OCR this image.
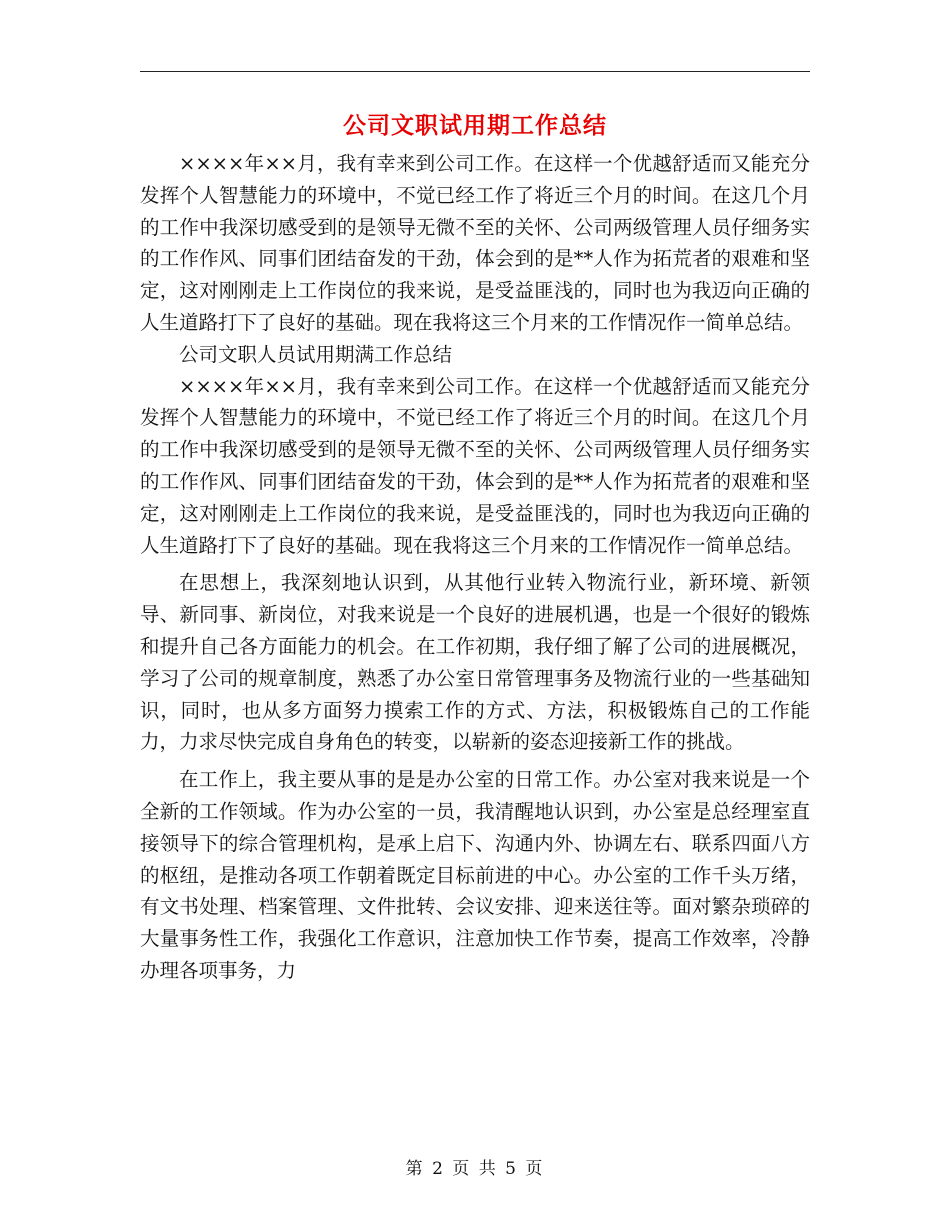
公司文职试用期工作总结

××××年××月，我有幸来到公司工作。在这样一个优越舒适而又能充分发挥个人智慧能力的环境中，不觉已经工作了将近三个月的时间。在这几个月的工作中我深切感受到的是领导无微不至的关怀、公司两级管理人员仔细务实的工作作风、同事们团结奋发的干劲，体会到的是**人作为拓荒者的艰难和坚定，这对刚刚走上工作岗位的我来说，是受益匪浅的，同时也为我迈向正确的人生道路打下了良好的基础。现在我将这三个月来的工作情况作一简单总结。

公司文职人员试用期满工作总结

××××年××月，我有幸来到公司工作。在这样一个优越舒适而又能充分发挥个人智慧能力的环境中，不觉已经工作了将近三个月的时间。在这几个月的工作中我深切感受到的是领导无微不至的关怀、公司两级管理人员仔细务实的工作作风、同事们团结奋发的干劲，体会到的是**人作为拓荒者的艰难和坚定，这对刚刚走上工作岗位的我来说，是受益匪浅的，同时也为我迈向正确的人生道路打下了良好的基础。现在我将这三个月来的工作情况作一简单总结。

在思想上，我深刻地认识到，从其他行业转入物流行业，新环境、新领导、新同事、新岗位，对我来说是一个良好的进展机遇，也是一个很好的锻炼和提升自己各方面能力的机会。在工作初期，我仔细了解了公司的进展概况，学习了公司的规章制度，熟悉了办公室日常管理事务及物流行业的一些基础知识，同时，也从多方面努力摸索工作的方式、方法，积极锻炼自己的工作能力，力求尽快完成自身角色的转变，以崭新的姿态迎接新工作的挑战。

在工作上，我主要从事的是是办公室的日常工作。办公室对我来说是一个全新的工作领域。作为办公室的一员，我清醒地认识到，办公室是总经理室直接领导下的综合管理机构，是承上启下、沟通内外、协调左右、联系四面八方的枢纽，是推动各项工作朝着既定目标前进的中心。办公室的工作千头万绪，有文书处理、档案管理、文件批转、会议安排、迎来送往等。面对繁杂琐碎的大量事务性工作，我强化工作意识，注意加快工作节奏，提高工作效率，冷静办理各项事务，力

第 2 页 共 5 页
